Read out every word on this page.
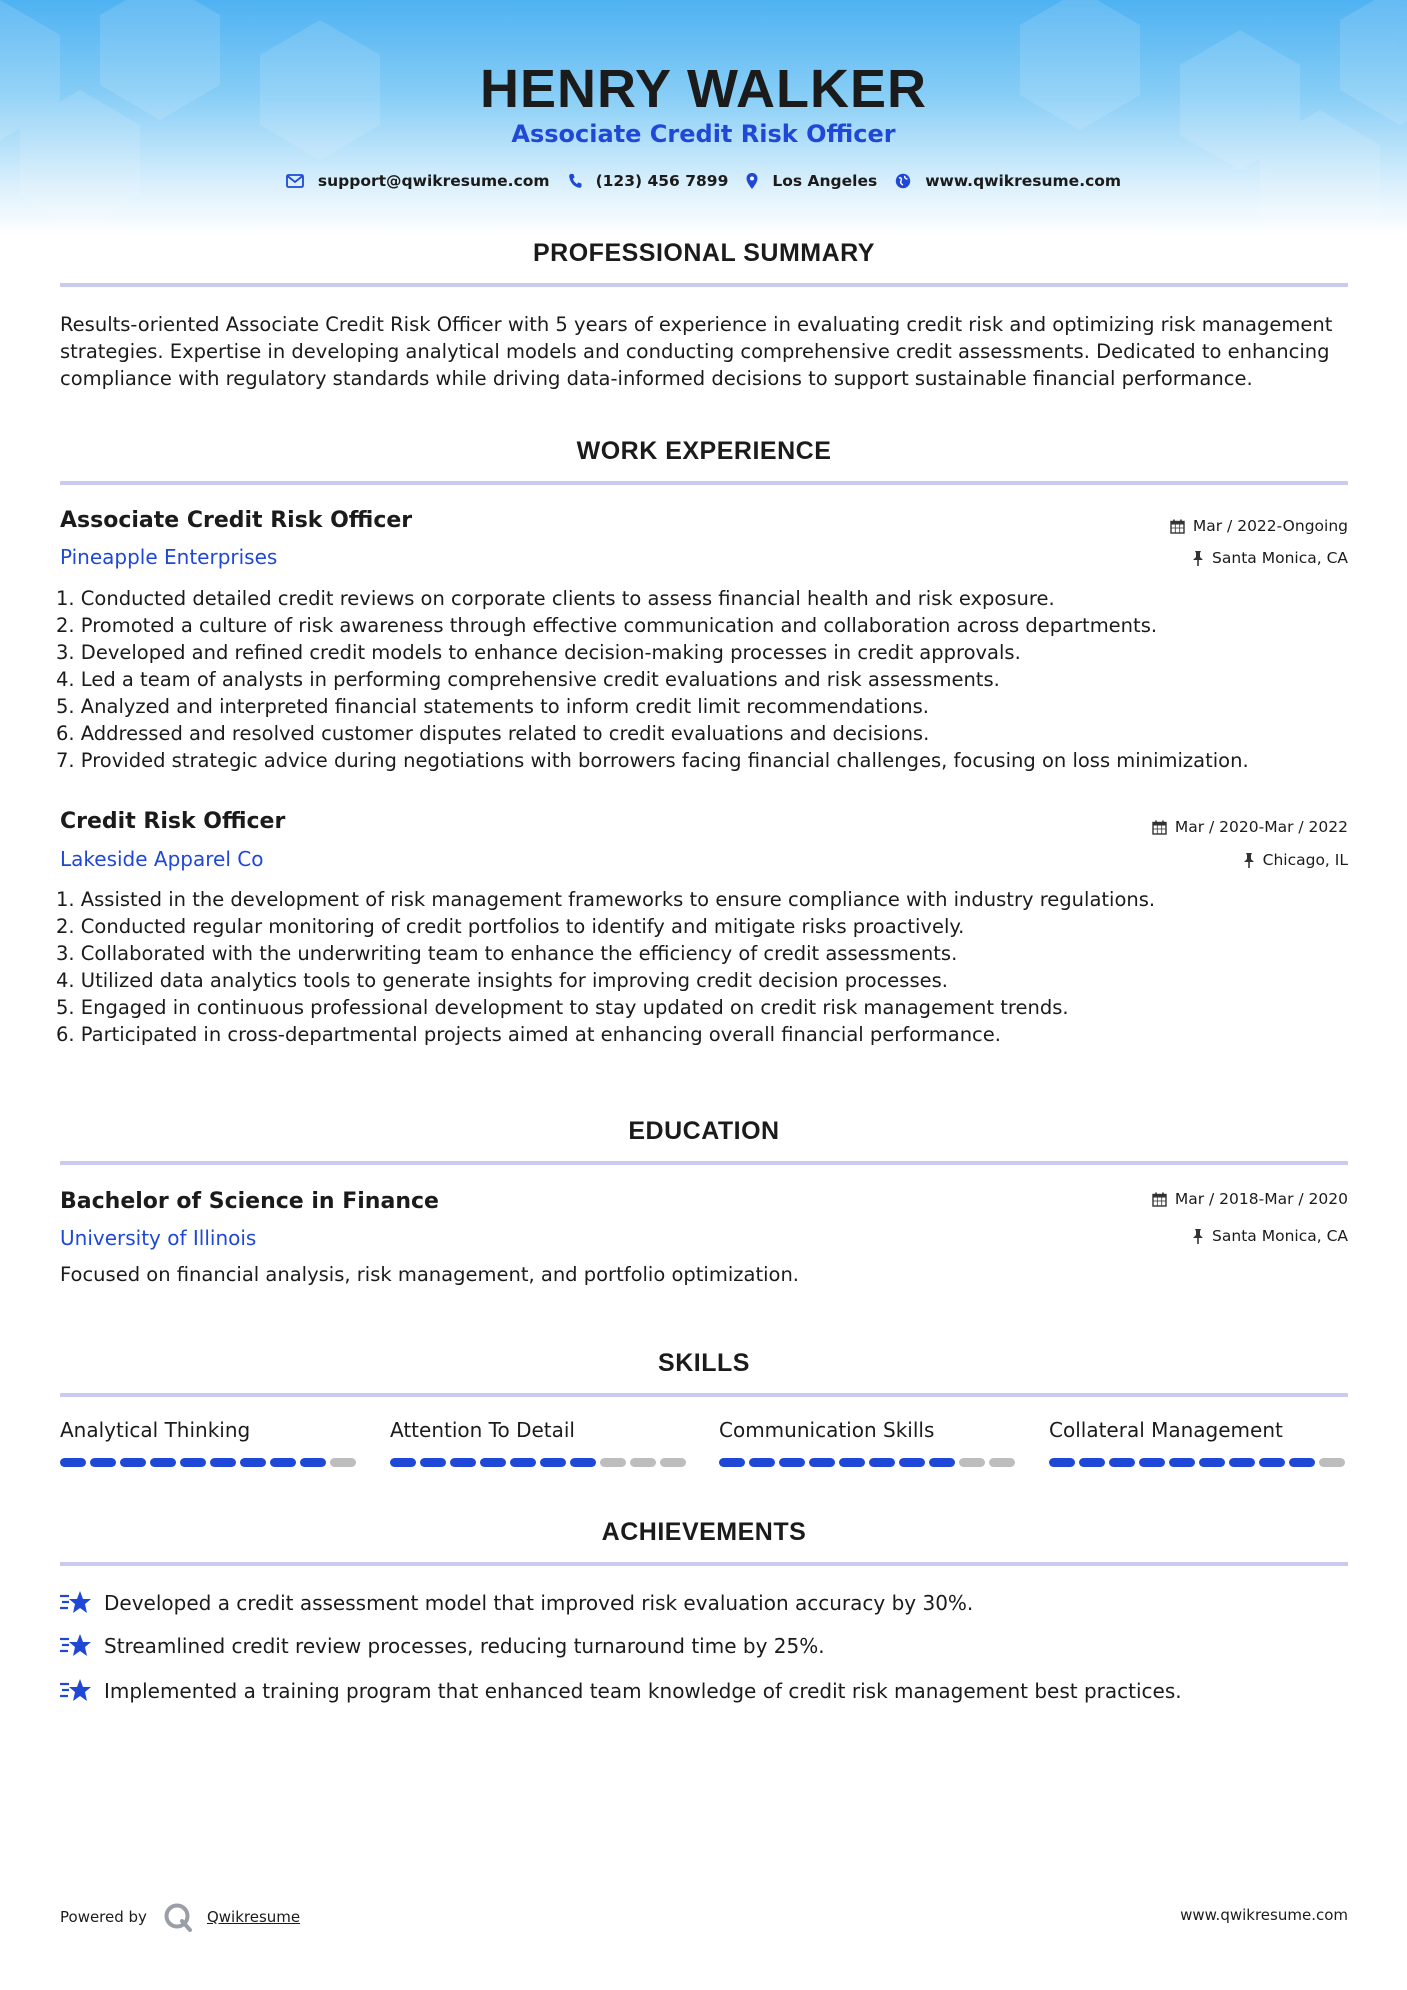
HENRY WALKER
Associate Credit Risk Officer
support@qwikresume.com	(123) 456 7899	Los Angeles	www.qwikresume.com
PROFESSIONAL SUMMARY
Results-oriented Associate Credit Risk Officer with 5 years of experience in evaluating credit risk and optimizing risk management
strategies. Expertise in developing analytical models and conducting comprehensive credit assessments. Dedicated to enhancing
compliance with regulatory standards while driving data-informed decisions to support sustainable financial performance.
WORK EXPERIENCE
Associate Credit Risk Officer	Mar / 2022-Ongoing
Pineapple Enterprises	Santa Monica, CA
1. Conducted detailed credit reviews on corporate clients to assess financial health and risk exposure.
2. Promoted a culture of risk awareness through effective communication and collaboration across departments.
3. Developed and refined credit models to enhance decision-making processes in credit approvals.
4. Led a team of analysts in performing comprehensive credit evaluations and risk assessments.
5. Analyzed and interpreted financial statements to inform credit limit recommendations.
6. Addressed and resolved customer disputes related to credit evaluations and decisions.
7. Provided strategic advice during negotiations with borrowers facing financial challenges, focusing on loss minimization.
Credit Risk Officer	Mar / 2020-Mar / 2022
Lakeside Apparel Co	Chicago, IL
1. Assisted in the development of risk management frameworks to ensure compliance with industry regulations.
2. Conducted regular monitoring of credit portfolios to identify and mitigate risks proactively.
3. Collaborated with the underwriting team to enhance the efficiency of credit assessments.
4. Utilized data analytics tools to generate insights for improving credit decision processes.
5. Engaged in continuous professional development to stay updated on credit risk management trends.
6. Participated in cross-departmental projects aimed at enhancing overall financial performance.
EDUCATION
Bachelor of Science in Finance	Mar / 2018-Mar / 2020
University of Illinois	Santa Monica, CA
Focused on financial analysis, risk management, and portfolio optimization.
SKILLS
Analytical Thinking	Attention To Detail	Communication Skills	Collateral Management
ACHIEVEMENTS
Developed a credit assessment model that improved risk evaluation accuracy by 30%.
Streamlined credit review processes, reducing turnaround time by 25%.
Implemented a training program that enhanced team knowledge of credit risk management best practices.
Powered by	Qwikresume	www.qwikresume.com
